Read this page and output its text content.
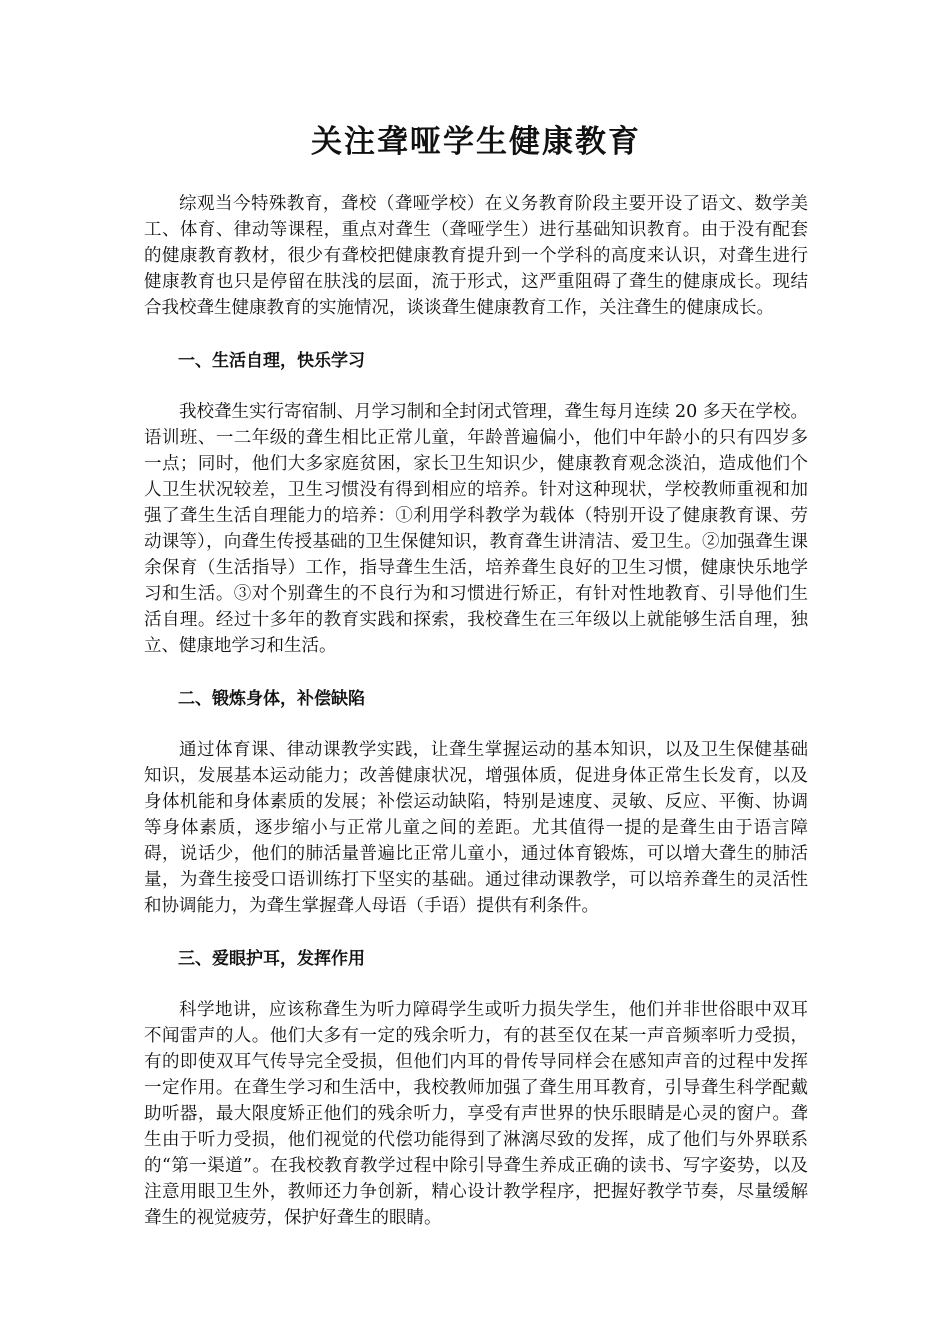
关注聋哑学生健康教育

综观当今特殊教育，聋校（聋哑学校）在义务教育阶段主要开设了语文、数学美工、体育、律动等课程，重点对聋生（聋哑学生）进行基础知识教育。由于没有配套的健康教育教材，很少有聋校把健康教育提升到一个学科的高度来认识，对聋生进行健康教育也只是停留在肤浅的层面，流于形式，这严重阻碍了聋生的健康成长。现结合我校聋生健康教育的实施情况，谈谈聋生健康教育工作，关注聋生的健康成长。

一、生活自理，快乐学习

我校聋生实行寄宿制、月学习制和全封闭式管理，聋生每月连续 20 多天在学校。语训班、一二年级的聋生相比正常儿童，年龄普遍偏小，他们中年龄小的只有四岁多一点；同时，他们大多家庭贫困，家长卫生知识少，健康教育观念淡泊，造成他们个人卫生状况较差，卫生习惯没有得到相应的培养。针对这种现状，学校教师重视和加强了聋生生活自理能力的培养：①利用学科教学为载体（特别开设了健康教育课、劳动课等），向聋生传授基础的卫生保健知识，教育聋生讲清洁、爱卫生。②加强聋生课余保育（生活指导）工作，指导聋生生活，培养聋生良好的卫生习惯，健康快乐地学习和生活。③对个别聋生的不良行为和习惯进行矫正，有针对性地教育、引导他们生活自理。经过十多年的教育实践和探索，我校聋生在三年级以上就能够生活自理，独立、健康地学习和生活。

二、锻炼身体，补偿缺陷

通过体育课、律动课教学实践，让聋生掌握运动的基本知识，以及卫生保健基础知识，发展基本运动能力；改善健康状况，增强体质，促进身体正常生长发育，以及身体机能和身体素质的发展；补偿运动缺陷，特别是速度、灵敏、反应、平衡、协调等身体素质，逐步缩小与正常儿童之间的差距。尤其值得一提的是聋生由于语言障碍，说话少，他们的肺活量普遍比正常儿童小，通过体育锻炼，可以增大聋生的肺活量，为聋生接受口语训练打下坚实的基础。通过律动课教学，可以培养聋生的灵活性和协调能力，为聋生掌握聋人母语（手语）提供有利条件。

三、爱眼护耳，发挥作用

科学地讲，应该称聋生为听力障碍学生或听力损失学生，他们并非世俗眼中双耳不闻雷声的人。他们大多有一定的残余听力，有的甚至仅在某一声音频率听力受损，有的即使双耳气传导完全受损，但他们内耳的骨传导同样会在感知声音的过程中发挥一定作用。在聋生学习和生活中，我校教师加强了聋生用耳教育，引导聋生科学配戴助听器，最大限度矫正他们的残余听力，享受有声世界的快乐眼睛是心灵的窗户。聋生由于听力受损，他们视觉的代偿功能得到了淋漓尽致的发挥，成了他们与外界联系的“第一渠道”。在我校教育教学过程中除引导聋生养成正确的读书、写字姿势，以及注意用眼卫生外，教师还力争创新，精心设计教学程序，把握好教学节奏，尽量缓解聋生的视觉疲劳，保护好聋生的眼睛。
